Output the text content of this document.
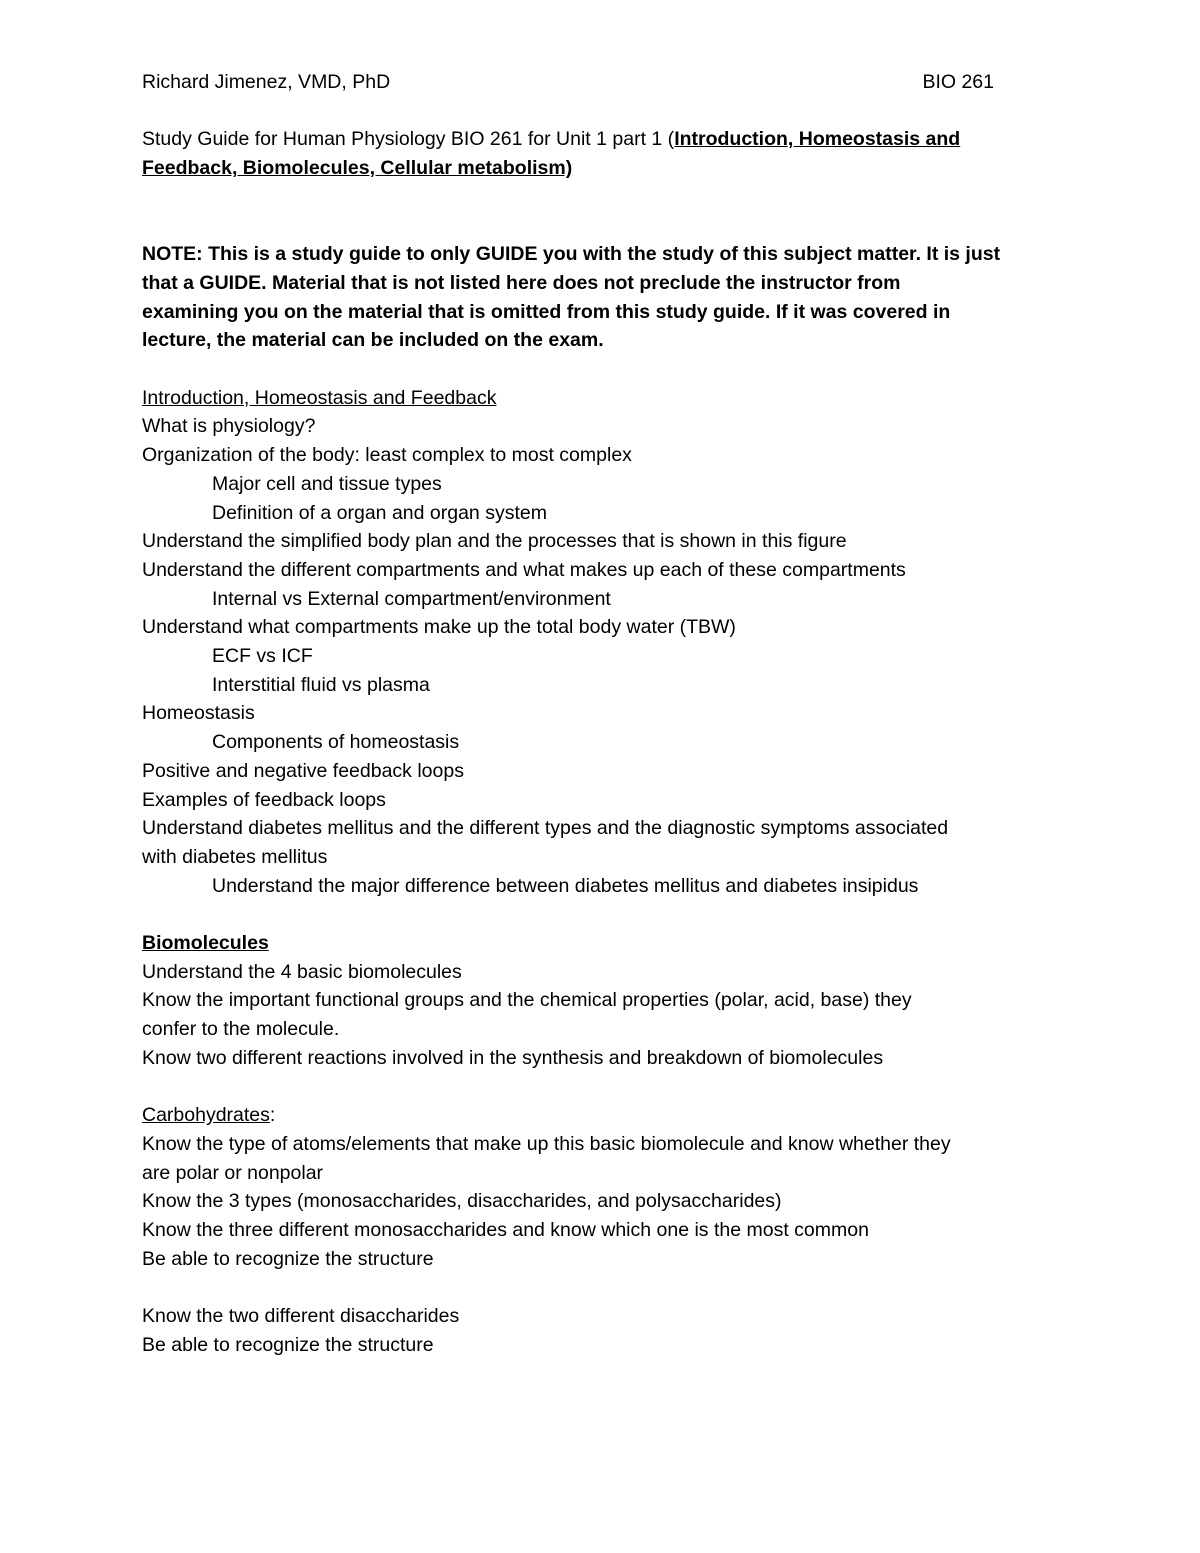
Richard Jimenez, VMD, PhD	BIO 261
Study Guide for Human Physiology BIO 261 for Unit 1 part 1 (Introduction, Homeostasis and
Feedback, Biomolecules, Cellular metabolism)
NOTE: This is a study guide to only GUIDE you with the study of this subject matter. It is just
that a GUIDE. Material that is not listed here does not preclude the instructor from
examining you on the material that is omitted from this study guide. If it was covered in
lecture, the material can be included on the exam.
Introduction, Homeostasis and Feedback
What is physiology?
Organization of the body: least complex to most complex
Major cell and tissue types
Definition of a organ and organ system
Understand the simplified body plan and the processes that is shown in this figure
Understand the different compartments and what makes up each of these compartments
Internal vs External compartment/environment
Understand what compartments make up the total body water (TBW)
ECF vs ICF
Interstitial fluid vs plasma
Homeostasis
Components of homeostasis
Positive and negative feedback loops
Examples of feedback loops
Understand diabetes mellitus and the different types and the diagnostic symptoms associated
with diabetes mellitus
Understand the major difference between diabetes mellitus and diabetes insipidus
Biomolecules
Understand the 4 basic biomolecules
Know the important functional groups and the chemical properties (polar, acid, base) they
confer to the molecule.
Know two different reactions involved in the synthesis and breakdown of biomolecules
Carbohydrates:
Know the type of atoms/elements that make up this basic biomolecule and know whether they
are polar or nonpolar
Know the 3 types (monosaccharides, disaccharides, and polysaccharides)
Know the three different monosaccharides and know which one is the most common
Be able to recognize the structure
Know the two different disaccharides
Be able to recognize the structure
